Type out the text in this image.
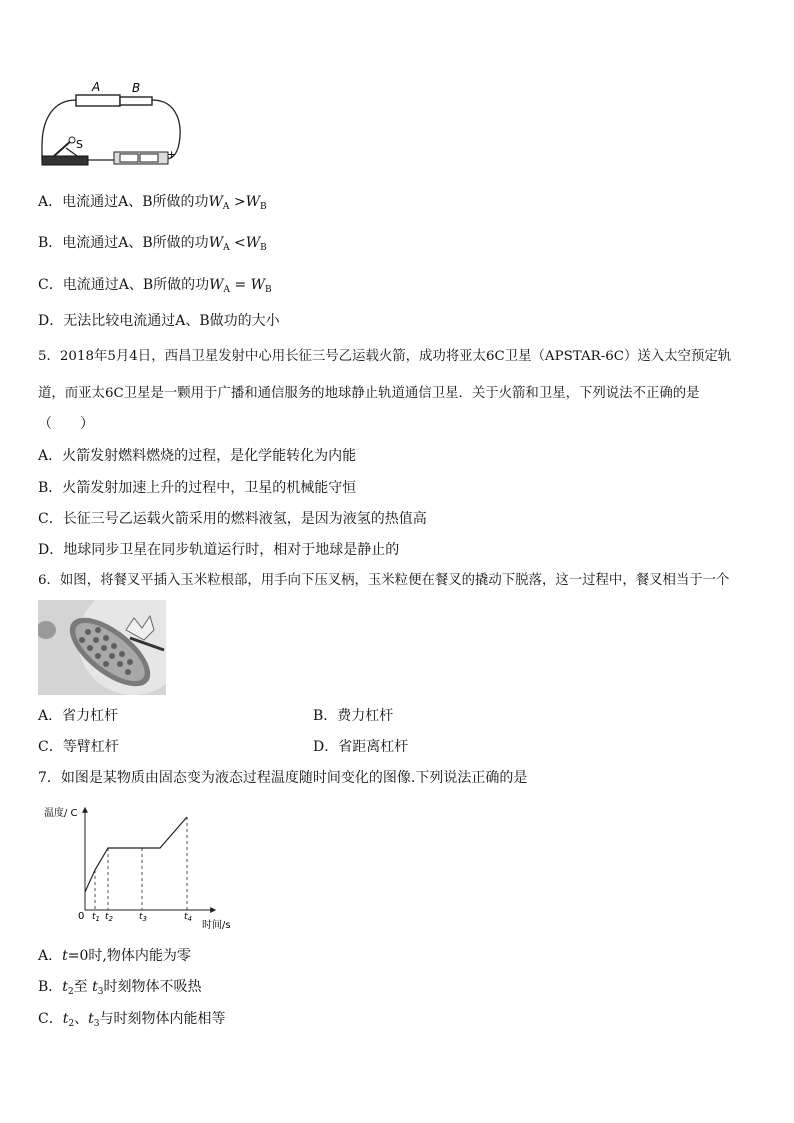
A	B
S
+
A．电流通过A、B所做的功$W_A >W_B$
B．电流通过A、B所做的功$W_A <W_B$
C．电流通过A、B所做的功$W_A = W_B$
D．无法比较电流通过A、B做功的大小
5．2018年5月4日，西昌卫星发射中心用长征三号乙运载火箭，成功将亚太6C卫星（APSTAR-6C）送入太空预定轨
道，而亚太6C卫星是一颗用于广播和通信服务的地球静止轨道通信卫星．关于火箭和卫星，下列说法不正确的是
（　　）
A．火箭发射燃料燃烧的过程，是化学能转化为内能
B．火箭发射加速上升的过程中，卫星的机械能守恒
C．长征三号乙运载火箭采用的燃料液氢，是因为液氢的热值高
D．地球同步卫星在同步轨道运行时，相对于地球是静止的
6．如图，将餐叉平插入玉米粒根部，用手向下压叉柄，玉米粒便在餐叉的撬动下脱落，这一过程中，餐叉相当于一个
A．省力杠杆	B．费力杠杆
C．等臂杠杆	D．省距离杠杆
7．如图是某物质由固态变为液态过程温度随时间变化的图像.下列说法正确的是
温度/ C
时间/s
0 $t_1$ $t_2$	$t_3$	$t_4$
A．t=0时,物体内能为零
B．$t_2$至 $t_3$时刻物体不吸热
C．$t_2$、$t_3$与时刻物体内能相等
